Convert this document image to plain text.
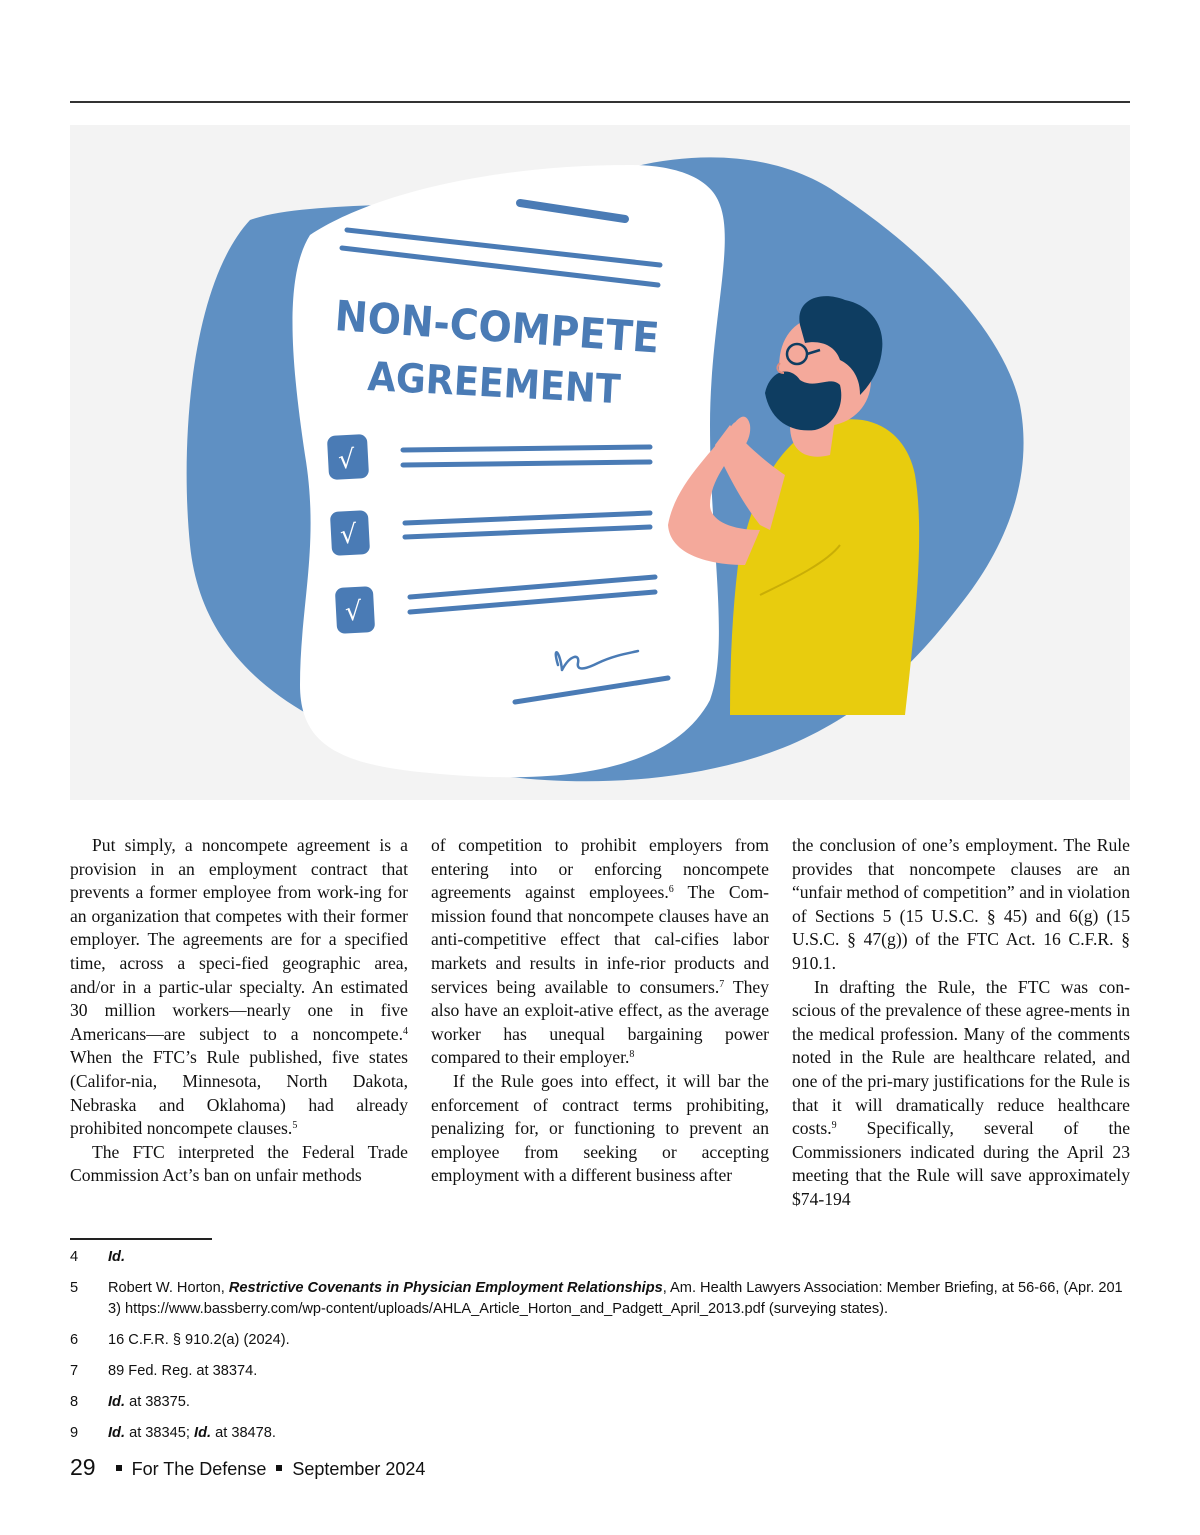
NON-COMPETE
AGREEMENT
√
√
√

Put simply, a noncompete agreement is a provision in an employment contract that prevents a former employee from work-ing for an organization that competes with their former employer. The agreements are for a specified time, across a speci-fied geographic area, and/or in a partic-ular specialty. An estimated 30 million workers—nearly one in five Americans—are subject to a noncompete.$^4$ When the FTC’s Rule published, five states (Califor-nia, Minnesota, North Dakota, Nebraska and Oklahoma) had already prohibited noncompete clauses.$^5$

The FTC interpreted the Federal Trade Commission Act’s ban on unfair methods

of competition to prohibit employers from entering into or enforcing noncompete agreements against employees.$^6$ The Com-mission found that noncompete clauses have an anti-competitive effect that cal-cifies labor markets and results in infe-rior products and services being available to consumers.$^7$ They also have an exploit-ative effect, as the average worker has unequal bargaining power compared to their employer.$^8$

If the Rule goes into effect, it will bar the enforcement of contract terms prohibiting, penalizing for, or functioning to prevent an employee from seeking or accepting employment with a different business after

the conclusion of one’s employment. The Rule provides that noncompete clauses are an “unfair method of competition” and in violation of Sections 5 (15 U.S.C. § 45) and 6(g) (15 U.S.C. § 47(g)) of the FTC Act. 16 C.F.R. § 910.1.

In drafting the Rule, the FTC was con-scious of the prevalence of these agree-ments in the medical profession. Many of the comments noted in the Rule are healthcare related, and one of the pri-mary justifications for the Rule is that it will dramatically reduce healthcare costs.$^9$ Specifically, several of the Commissioners indicated during the April 23 meeting that the Rule will save approximately $74-194

4	Id.
5	Robert W. Horton, Restrictive Covenants in Physician Employment Relationships, Am. Health Lawyers Association: Member Briefing, at 56-66, (Apr. 2013) https://www.bassberry.com/wp-content/uploads/AHLA_Article_Horton_and_Padgett_April_2013.pdf (surveying states).
6	16 C.F.R. § 910.2(a) (2024).
7	89 Fed. Reg. at 38374.
8	Id. at 38375.
9	Id. at 38345; Id. at 38478.
29 For The Defense September 2024
